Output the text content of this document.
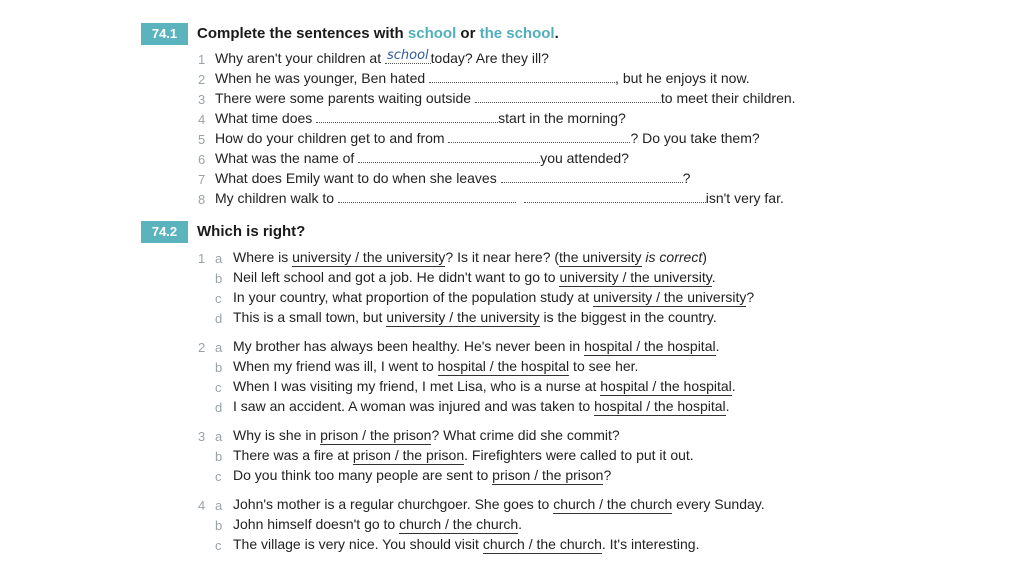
74.1	Complete the sentences with school or the school.
1 Why aren't your children at school today? Are they ill?
2 When he was younger, Ben hated	, but he enjoys it now.
3 There were some parents waiting outside	to meet their children.
4 What time does	start in the morning?
5 How do your children get to and from	? Do you take them?
6 What was the name of	you attended?
7 What does Emily want to do when she leaves	?
8 My children walk to	isn't very far.
74.2	Which is right?
1 a Where is university / the university? Is it near here? (the university is correct)
b Neil left school and got a job. He didn't want to go to university / the university.
c In your country, what proportion of the population study at university / the university?
d This is a small town, but university / the university is the biggest in the country.
2 a My brother has always been healthy. He's never been in hospital / the hospital.
b When my friend was ill, I went to hospital / the hospital to see her.
c When I was visiting my friend, I met Lisa, who is a nurse at hospital / the hospital.
d I saw an accident. A woman was injured and was taken to hospital / the hospital.
3 a Why is she in prison / the prison? What crime did she commit?
b There was a fire at prison / the prison. Firefighters were called to put it out.
c Do you think too many people are sent to prison / the prison?
4 a John's mother is a regular churchgoer. She goes to church / the church every Sunday.
b John himself doesn't go to church / the church.
c The village is very nice. You should visit church / the church. It's interesting.
